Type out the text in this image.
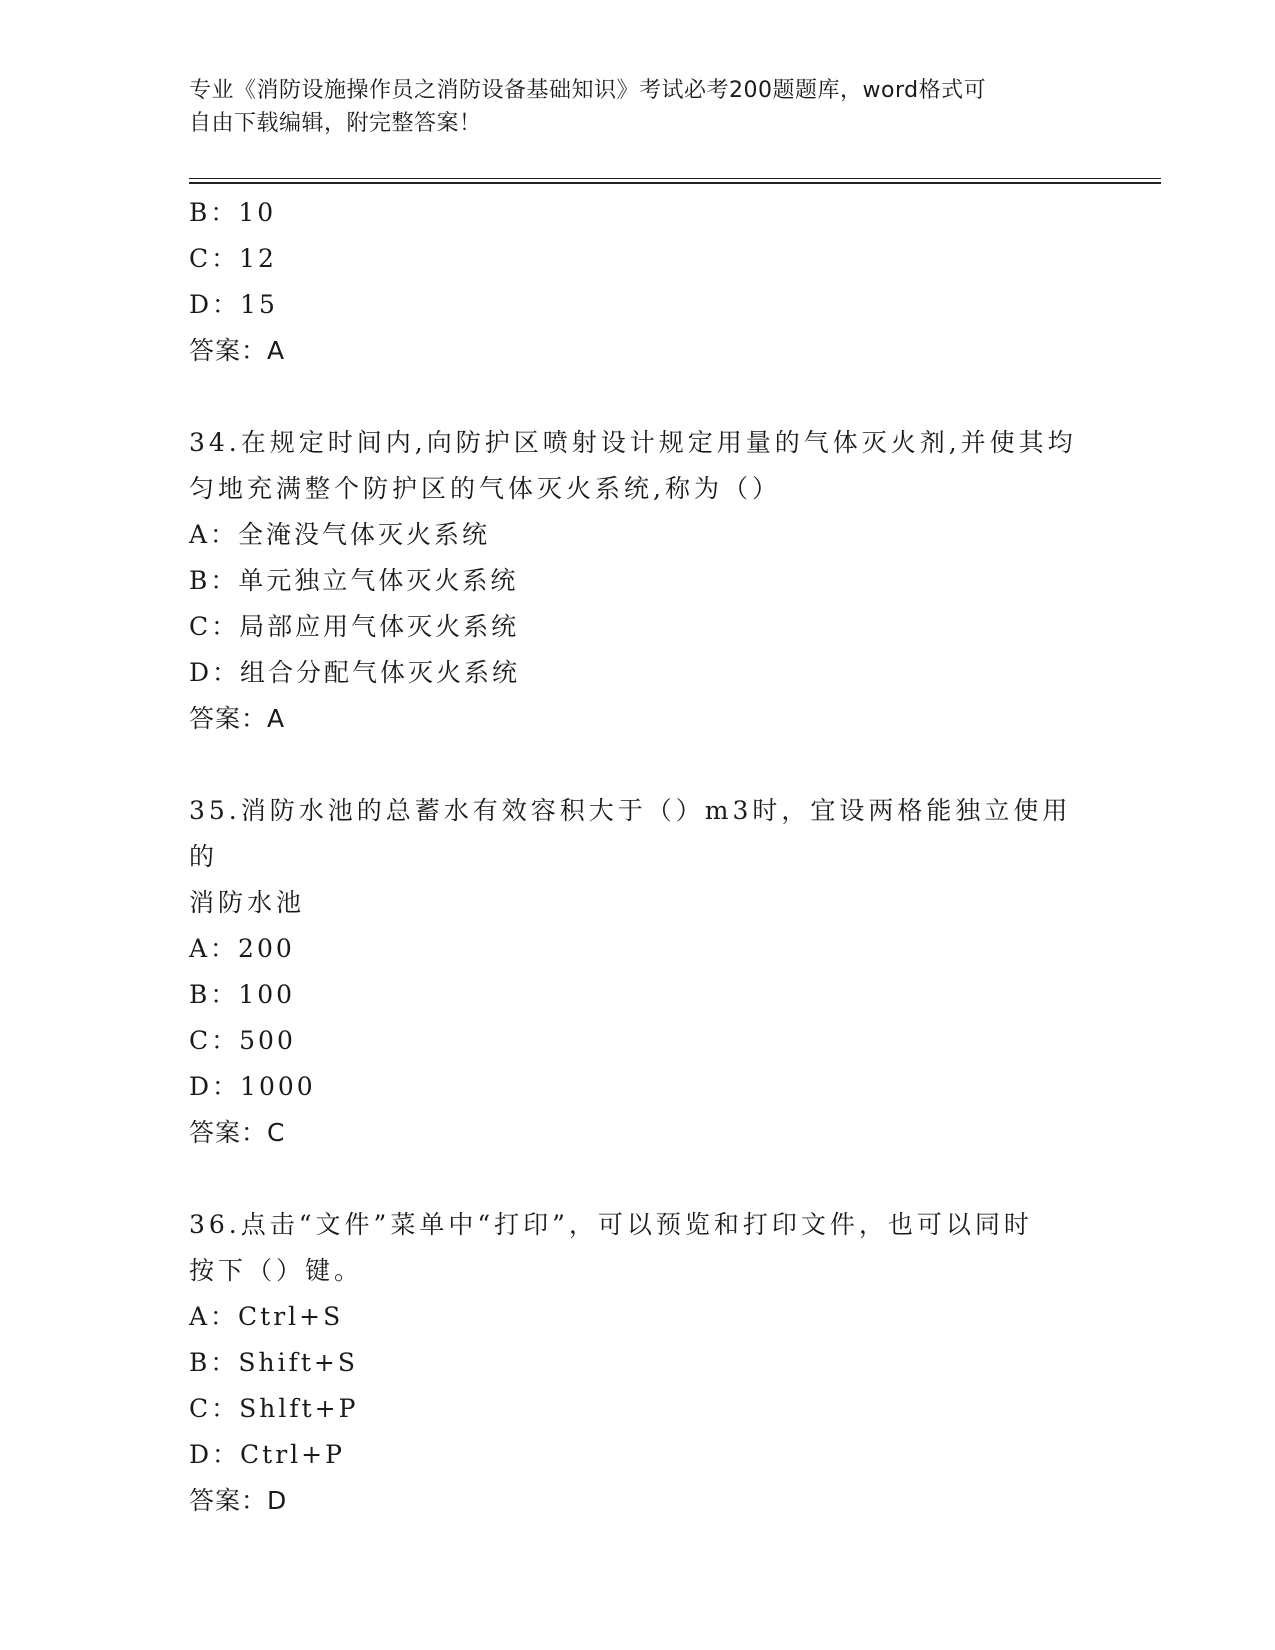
专业《消防设施操作员之消防设备基础知识》考试必考200题题库，word格式可
自由下载编辑，附完整答案！
B：10
C：12
D：15
答案：A
34.在规定时间内,向防护区喷射设计规定用量的气体灭火剂,并使其均
匀地充满整个防护区的气体灭火系统,称为（）
A：全淹没气体灭火系统
B：单元独立气体灭火系统
C：局部应用气体灭火系统
D：组合分配气体灭火系统
答案：A
35.消防水池的总蓄水有效容积大于（）m3时，宜设两格能独立使用的
消防水池
A：200
B：100
C：500
D：1000
答案：C
36.点击“文件”菜单中“打印”，可以预览和打印文件，也可以同时
按下（）键。
A：Ctrl+S
B：Shift+S
C：Shlft+P
D：Ctrl+P
答案：D
